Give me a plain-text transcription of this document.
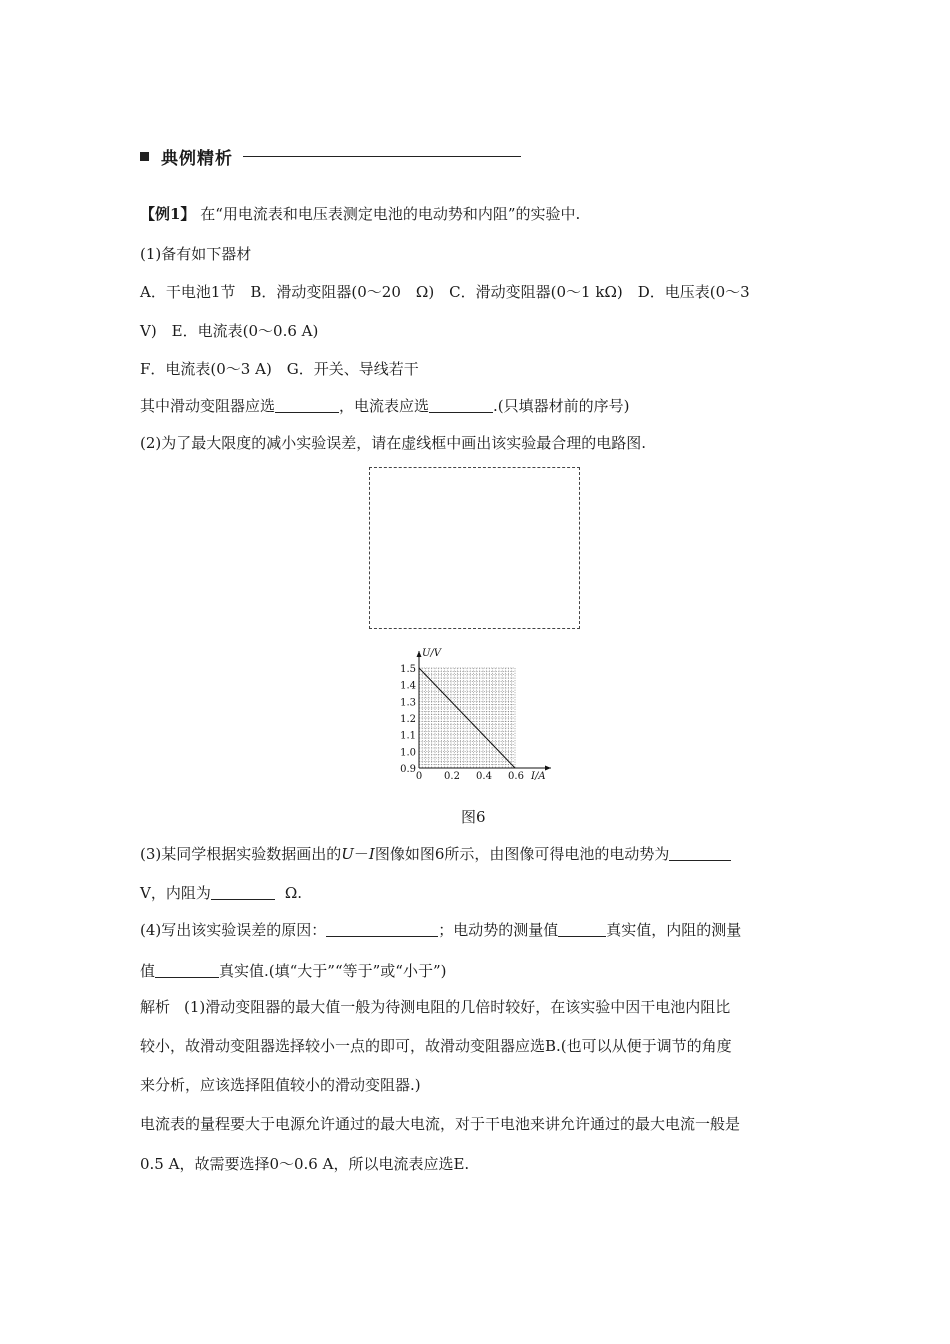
典例精析
【例1】 在“用电流表和电压表测定电池的电动势和内阻”的实验中.
(1)备有如下器材
A．干电池1节　B．滑动变阻器(0～20　Ω)　C．滑动变阻器(0～1 kΩ)　D．电压表(0～3
V)　E．电流表(0～0.6 A)
F．电流表(0～3 A)　G．开关、导线若干
其中滑动变阻器应选	，电流表应选	.(只填器材前的序号)
(2)为了最大限度的减小实验误差，请在虚线框中画出该实验最合理的电路图.
0.9
1.0
1.1
1.2
1.3
1.4
1.5
0 0.2 0.4 0.6 I/A
U/V
图6
(3)某同学根据实验数据画出的U－I图像如图6所示，由图像可得电池的电动势为
V，内阻为	Ω.
(4)写出该实验误差的原因：	；电动势的测量值	真实值，内阻的测量
值	真实值.(填“大于”“等于”或“小于”)
解析 (1)滑动变阻器的最大值一般为待测电阻的几倍时较好，在该实验中因干电池内阻比
较小，故滑动变阻器选择较小一点的即可，故滑动变阻器应选B.(也可以从便于调节的角度
来分析，应该选择阻值较小的滑动变阻器.)
电流表的量程要大于电源允许通过的最大电流，对于干电池来讲允许通过的最大电流一般是
0.5 A，故需要选择0～0.6 A，所以电流表应选E.
